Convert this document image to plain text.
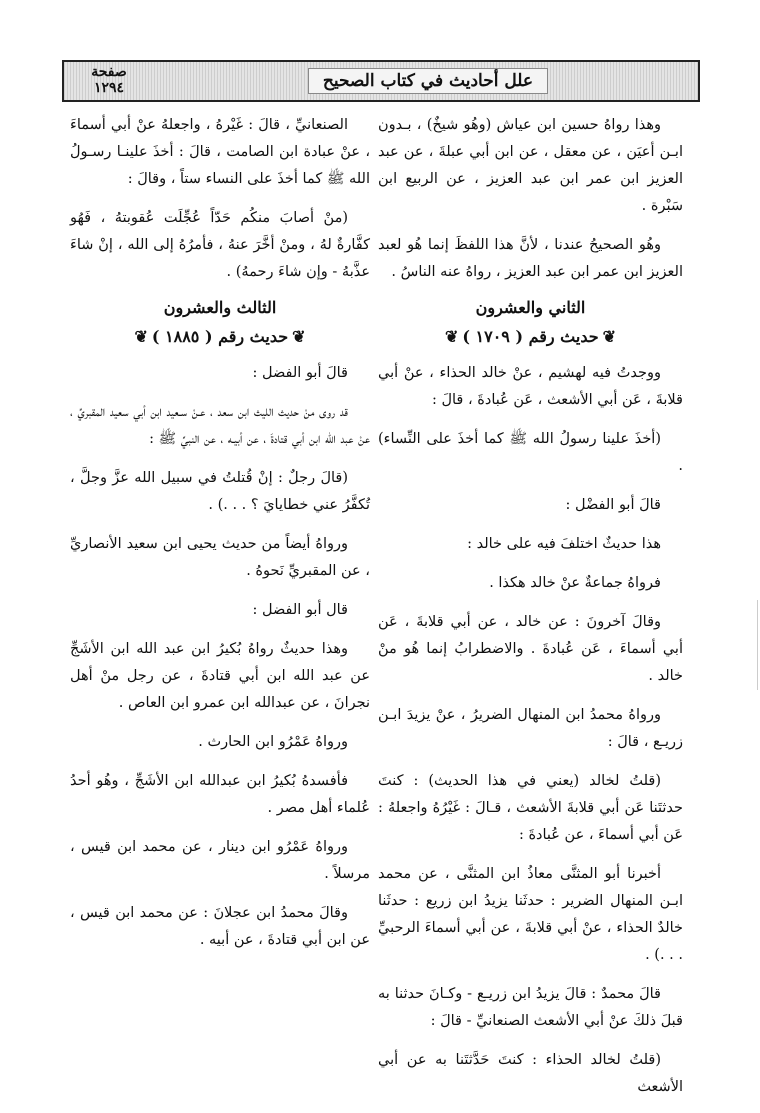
علل أحاديث في كتاب الصحيح
صفحة
١٢٩٤
وهذا رواهُ حسين ابن عياش (وهُو شيخٌ) ، بـدون ابـن أعيَن ، عن معقل ، عن ابن أبي عبلةَ ، عن عبد العزيز ابن عمر ابن عبد العزيز ، عن الربيع ابن سَبْرة .
وهُو الصحيحُ عندنا ، لأنَّ هذا اللفظَ إنما هُو لعبد العزيز ابن عمر ابن عبد العزيز ، رواهُ عنه الناسُ .
الثاني والعشرون
❦حديث رقم ( ١٧٠٩ )❦
ووجدتُ فيه لهشيم ، عنْ خالد الحذاء ، عنْ أبي قلابةَ ، عَن أبي الأشعث ، عَن عُبادةَ ، قالَ :
(أخذَ علينا رسولُ الله ﷺ كما أخذَ على النِّساء) .
قالَ أبو الفضْل :
هذا حديثٌ اختلفَ فيه على خالد :
فرواهُ جماعةٌ عنْ خالد هكذا .
وقالَ آخرونَ : عن خالد ، عن أبي قلابةَ ، عَن أبي أسماءَ ، عَن عُبادةَ . والاضطرابُ إنما هُو منْ خالد .
ورواهُ محمدُ ابن المنهال الضريرُ ، عنْ يزيدَ ابـن زريـع ، قالَ :
(قلتُ لخالد (يعني في هذا الحديث) : كنتَ حدثتَنا عَن أبي قلابةَ الأشعث ، قـالَ : غَيْرُهُ واجعلهُ : عَن أبي أسماءَ ، عن عُبادةَ :
أخبرنا أبو المثنَّى معاذُ ابن المثنَّى ، عن محمد ابـن المنهال الضرير : حدثَنا يزيدُ ابن زريع : حدثَنا خالدٌ الحذاء ، عنْ أبي قلابةَ ، عن أبي أسماءَ الرحبيِّ . . .) .
قالَ محمدٌ : قالَ يزيدُ ابن زريـع - وكـانَ حدثنا به قبلَ ذلكَ عنْ أبي الأشعث الصنعانيِّ - قالَ :
(قلتُ لخالد الحذاء : كنتَ حَدَّثتَنا به عن أبي الأشعث
الصنعانيِّ ، قالَ : غَيْرهُ ، واجعلهُ عنْ أبي أسماءَ ، عنْ عبادة ابن الصامت ، قالَ : أخذَ علينـا رسـولُ الله ﷺ كما أخذَ على النساء ستاً ، وقالَ :
(منْ أصابَ منكُم حَدّاً عُجِّلَت عُقوبتهُ ، فَهُو كفَّارةٌ لهُ ، ومنْ أخَّرَ عنهُ ، فأمرُهُ إلى الله ، إنْ شاءَ عذَّبهُ - وإن شاءَ رحمهُ) .
الثالث والعشرون
❦حديث رقم ( ١٨٨٥ )❦
قالَ أبو الفضل :
قد روى منْ حديث الليث ابن سعد ، عـنْ سـعيد ابن أبي سعيد المقبريِّ ، عنْ عبد الله ابن أبي قتادةَ ، عن أبيـه ، عن النبيِّ ﷺ :
(قالَ رجلٌ : إنْ قُتلتُ في سبيل الله عزَّ وجلَّ ، تُكفَّرُ عني خطايايَ ؟ . . .) .
ورواهُ أيضاً من حديث يحيى ابن سعيد الأنصاريِّ ، عن المقبريِّ نَحوهُ .
قال أبو الفضل :
وهذا حديثٌ رواهُ بُكيرُ ابن عبد الله ابن الأشَجِّ عن عبد الله ابن أبي قتادةَ ، عن رجل منْ أهل نجرانَ ، عن عبدالله ابن عمرو ابن العاص .
ورواهُ عَمْرُو ابن الحارث .
فأفسدهُ بُكيرُ ابن عبدالله ابن الأشَجِّ ، وهُو أحدُ عُلماء أهل مصر .
ورواهُ عَمْرُو ابن دينار ، عن محمد ابن قيس ، مرسلاً .
وقالَ محمدُ ابن عجلانَ : عن محمد ابن قيس ، عن ابن أبي قتادةَ ، عن أبيه .
